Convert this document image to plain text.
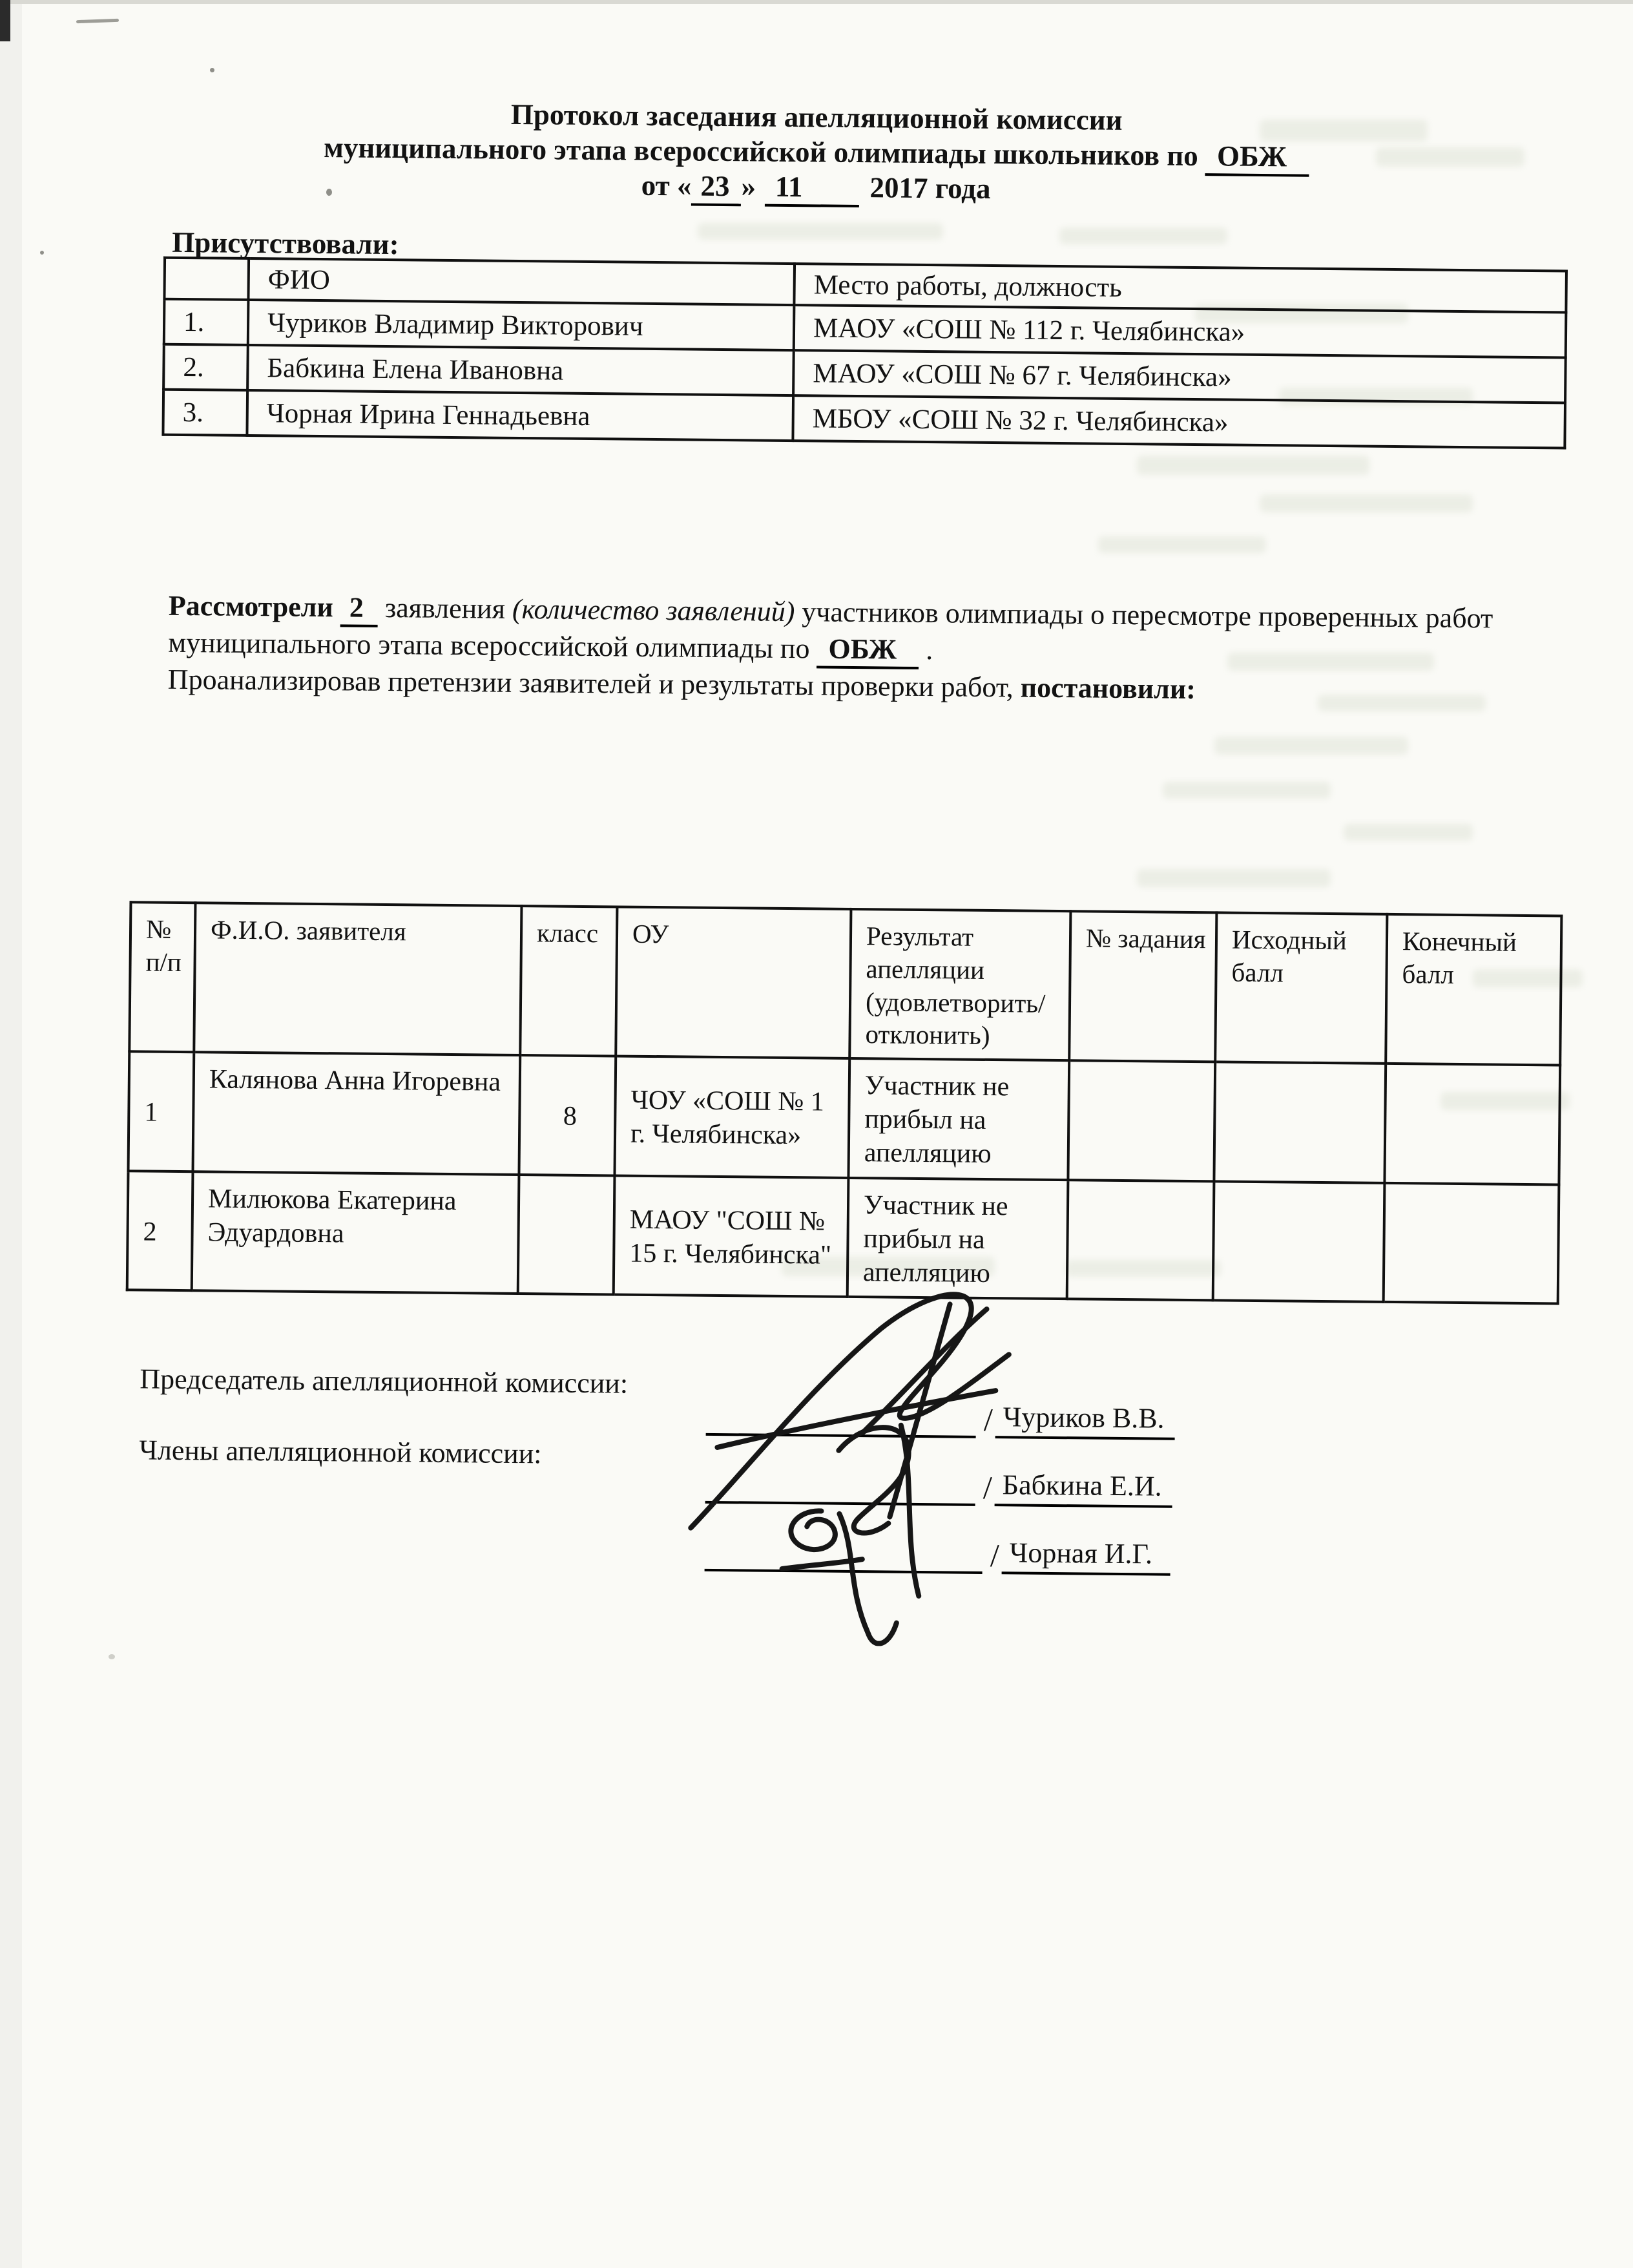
Протокол заседания апелляционной комиссии
муниципального этапа всероссийской олимпиады школьников по ОБЖ
от « 23 » 11 2017 года
Присутствовали:
	ФИО	Место работы, должность
1.	Чуриков Владимир Викторович	МАОУ «СОШ № 112 г. Челябинска»
2.	Бабкина Елена Ивановна	МАОУ «СОШ № 67 г. Челябинска»
3.	Чорная Ирина Геннадьевна	МБОУ «СОШ № 32 г. Челябинска»
Рассмотрели 2 заявления (количество заявлений) участников олимпиады о пересмотре проверенных работ муниципального этапа всероссийской олимпиады по ОБЖ .
Проанализировав претензии заявителей и результаты проверки работ, постановили:
№ п/п	Ф.И.О. заявителя	класс	ОУ	Результат апелляции (удовлетворить/ отклонить)	№ задания	Исходный балл	Конечный балл
1	Калянова Анна Игоревна	8	ЧОУ «СОШ № 1 г. Челябинска»	Участник не прибыл на апелляцию			
2	Милюкова Екатерина Эдуардовна		МАОУ "СОШ № 15 г. Челябинска"	Участник не прибыл на апелляцию			
Председатель апелляционной комиссии:
Члены апелляционной комиссии:
/ Чуриков В.В.
/ Бабкина Е.И.
/ Чорная И.Г.
